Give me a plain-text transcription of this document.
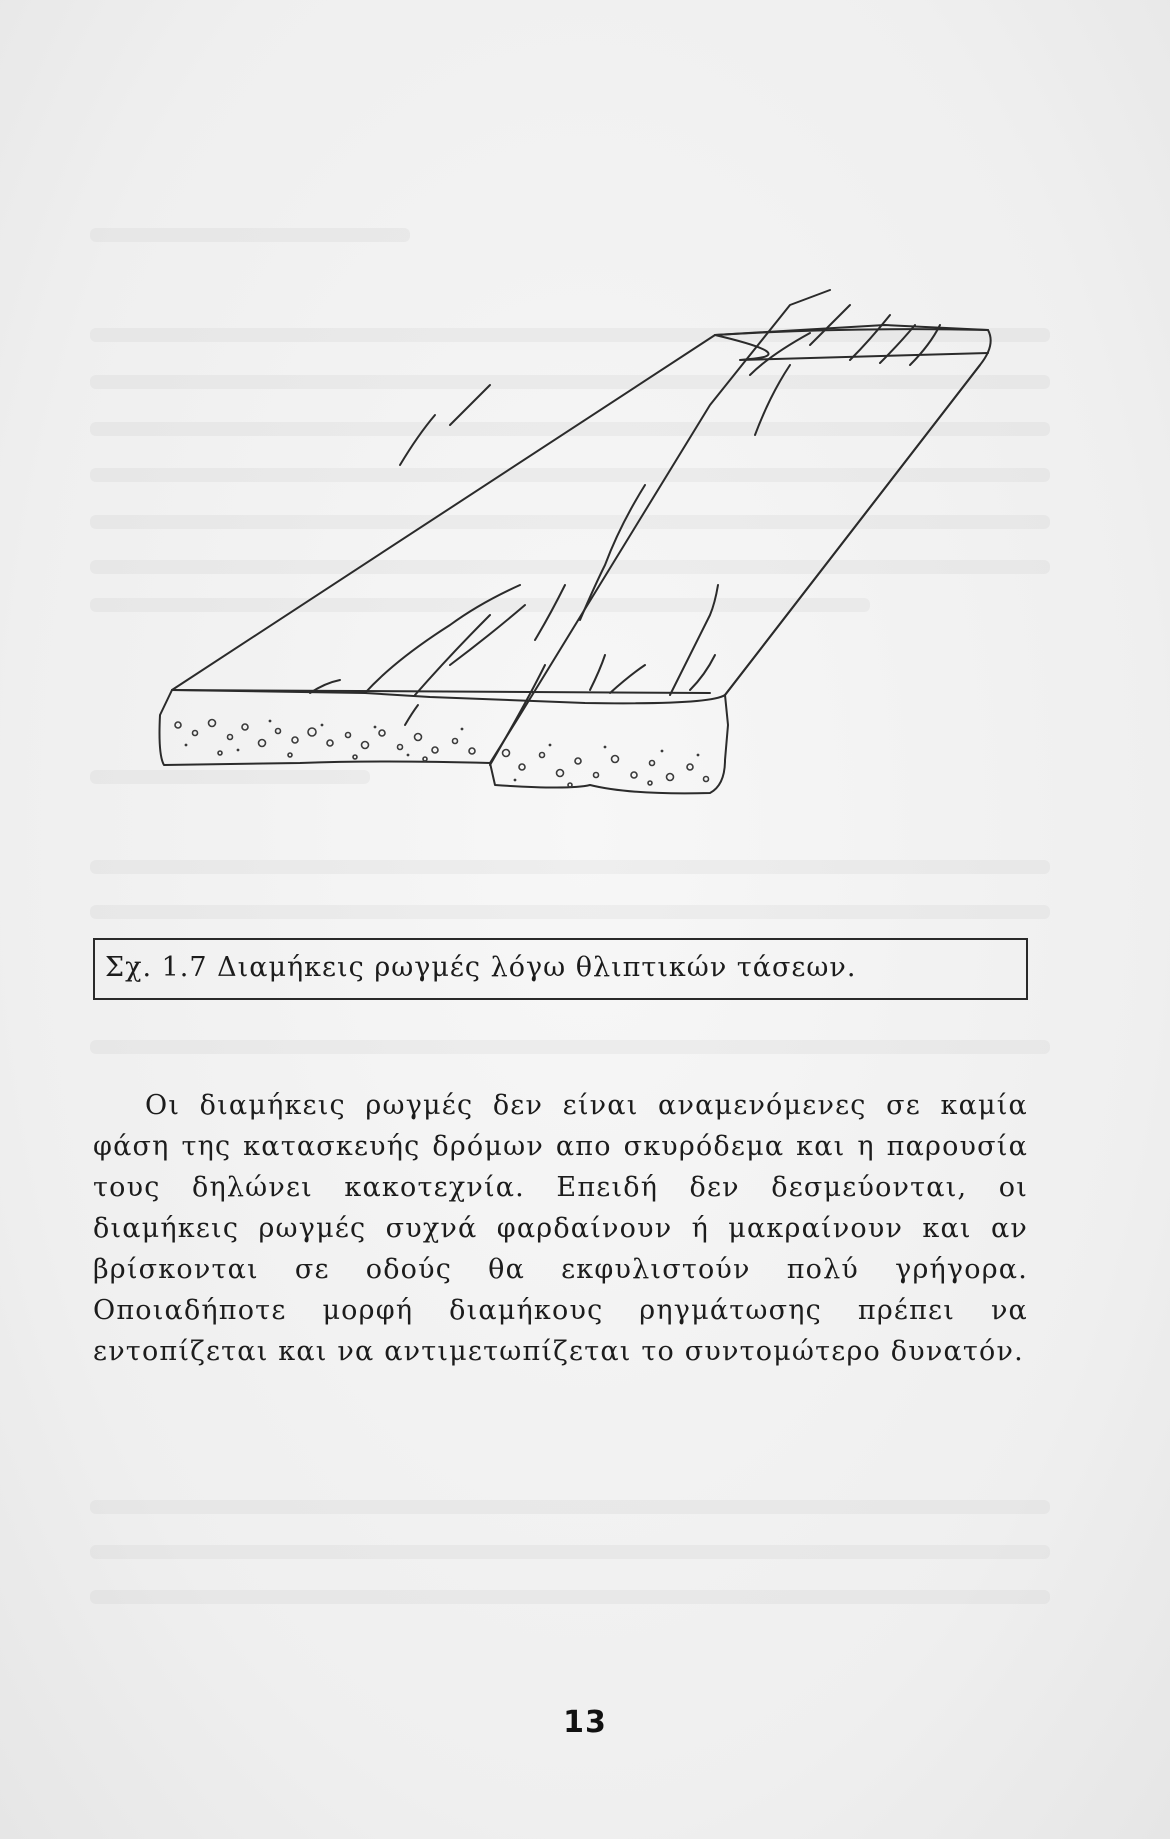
Σχ. 1.7 Διαμήκεις ρωγμές λόγω θλιπτικών τάσεων.

Οι διαμήκεις ρωγμές δεν είναι αναμενόμενες σε καμία φάση της κατασκευής δρόμων απο σκυρόδεμα και η παρουσία τους δηλώνει κακοτεχνία. Επειδή δεν δεσμεύονται, οι διαμήκεις ρωγμές συχνά φαρδαίνουν ή μακραίνουν και αν βρίσκονται σε οδούς θα εκφυλιστούν πολύ γρήγορα. Οποιαδήποτε μορφή διαμήκους ρηγμάτωσης πρέπει να εντοπίζεται και να αντιμετωπίζεται το συντομώτερο δυνατόν.

13
